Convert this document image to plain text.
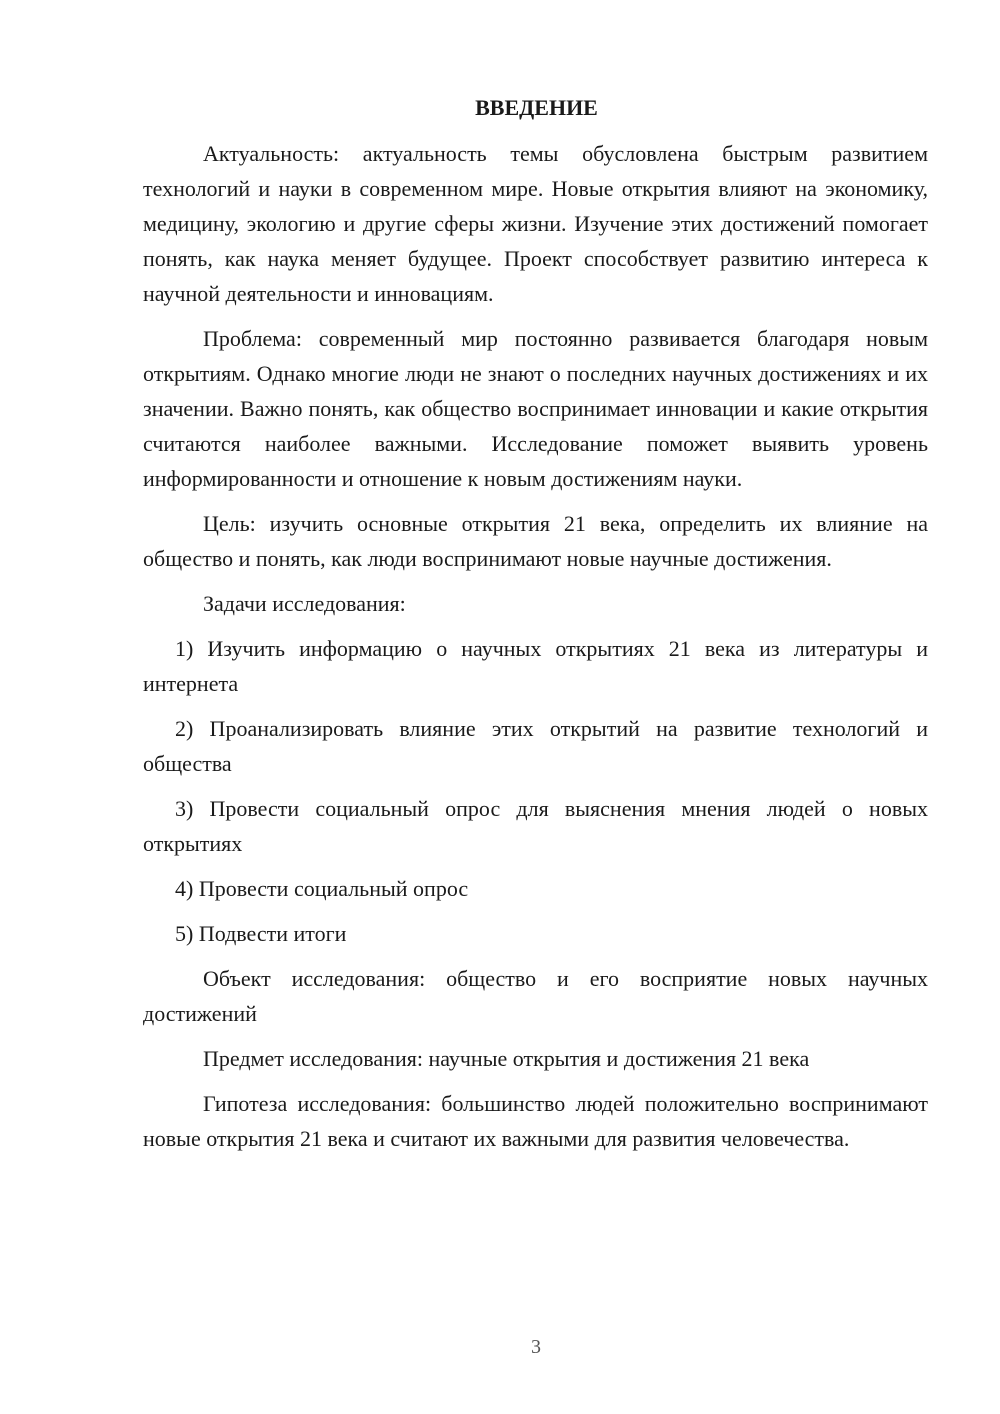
ВВЕДЕНИЕ

Актуальность: актуальность темы обусловлена быстрым развитием технологий и науки в современном мире. Новые открытия влияют на экономику, медицину, экологию и другие сферы жизни. Изучение этих достижений помогает понять, как наука меняет будущее. Проект способствует развитию интереса к научной деятельности и инновациям.

Проблема: современный мир постоянно развивается благодаря новым открытиям. Однако многие люди не знают о последних научных достижениях и их значении. Важно понять, как общество воспринимает инновации и какие открытия считаются наиболее важными. Исследование поможет выявить уровень информированности и отношение к новым достижениям науки.

Цель: изучить основные открытия 21 века, определить их влияние на общество и понять, как люди воспринимают новые научные достижения.

Задачи исследования:

1) Изучить информацию о научных открытиях 21 века из литературы и интернета

2) Проанализировать влияние этих открытий на развитие технологий и общества

3) Провести социальный опрос для выяснения мнения людей о новых открытиях

4) Провести социальный опрос

5) Подвести итоги

Объект исследования: общество и его восприятие новых научных достижений

Предмет исследования: научные открытия и достижения 21 века

Гипотеза исследования: большинство людей положительно воспринимают новые открытия 21 века и считают их важными для развития человечества.

3
